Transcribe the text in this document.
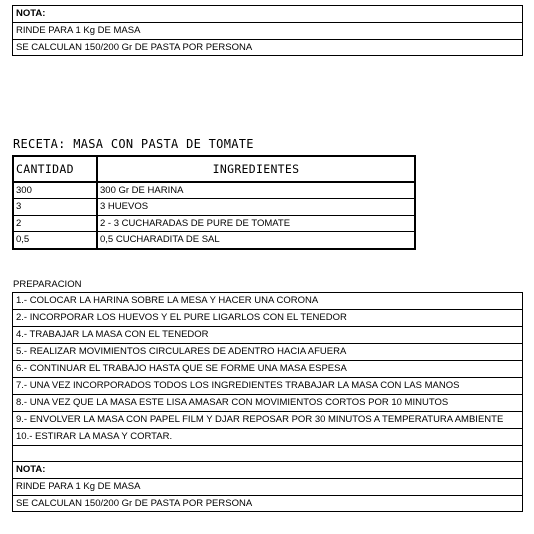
NOTA:
RINDE PARA 1 Kg DE MASA
SE CALCULAN 150/200 Gr DE PASTA POR PERSONA
RECETA: MASA CON PASTA DE TOMATE
CANTIDAD	INGREDIENTES
300	300 Gr DE HARINA
3	3 HUEVOS
2	2 - 3 CUCHARADAS DE PURE DE TOMATE
0,5	0,5 CUCHARADITA DE SAL
PREPARACION
1.- COLOCAR LA HARINA SOBRE LA MESA Y HACER UNA CORONA
2.- INCORPORAR LOS HUEVOS Y EL PURE LIGARLOS CON EL TENEDOR
4.- TRABAJAR LA MASA CON EL TENEDOR
5.- REALIZAR MOVIMIENTOS CIRCULARES DE ADENTRO HACIA AFUERA
6.- CONTINUAR EL TRABAJO HASTA QUE SE FORME UNA MASA ESPESA
7.- UNA VEZ INCORPORADOS TODOS LOS INGREDIENTES TRABAJAR LA MASA CON LAS MANOS
8.- UNA VEZ QUE LA MASA ESTE LISA AMASAR CON MOVIMIENTOS CORTOS POR 10 MINUTOS
9.- ENVOLVER LA MASA CON PAPEL FILM Y DJAR REPOSAR POR 30 MINUTOS A TEMPERATURA AMBIENTE
10.- ESTIRAR LA MASA Y CORTAR.
NOTA:
RINDE PARA 1 Kg DE MASA
SE CALCULAN 150/200 Gr DE PASTA POR PERSONA
